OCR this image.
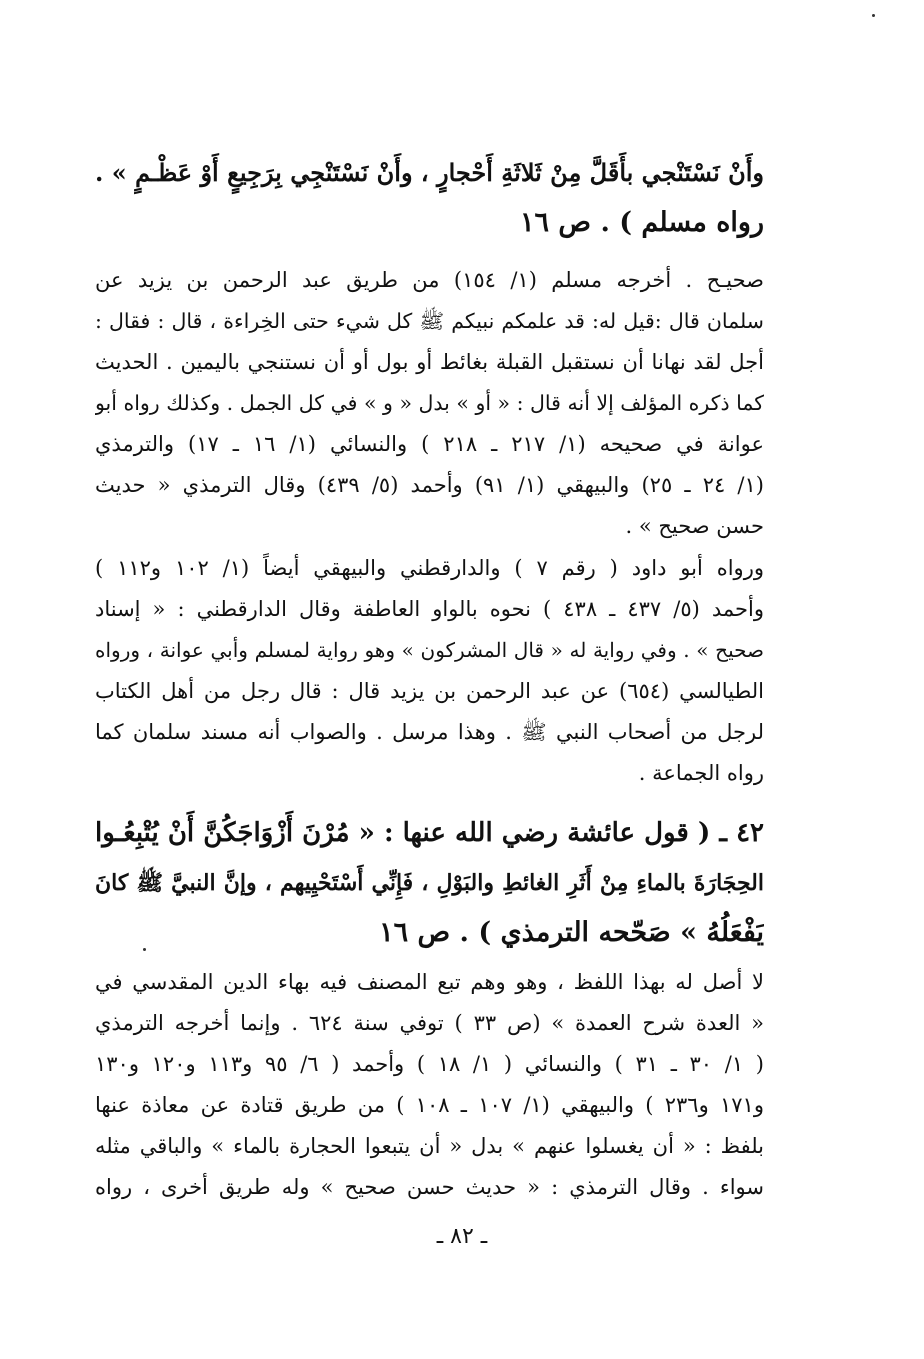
وأَنْ نَسْتَنْجي بأَقَلَّ مِنْ ثَلاثَةِ أَحْجارٍ ، وأَنْ نَسْتَنْجِي بِرَجِيعٍ أَوْ عَظْـمٍ » .
رواه مسلم ) . ص ١٦
صحيـح . أخرجه مسلم (١/ ١٥٤) من طريق عبد الرحمن بن يزيد عن
سلمان قال :قيل له: قد علمكم نبيكم ﷺ كل شيء حتى الخِراءة ، قال : فقال :
أجل لقد نهانا أن نستقبل القبلة بغائط أو بول أو أن نستنجي باليمين . الحديث
كما ذكره المؤلف إلا أنه قال : « أو » بدل « و » في كل الجمل . وكذلك رواه أبو
عوانة في صحيحه (١/ ٢١٧ ـ ٢١٨ ) والنسائي (١/ ١٦ ـ ١٧) والترمذي
(١/ ٢٤ ـ ٢٥) والبيهقي (١/ ٩١) وأحمد (٥/ ٤٣٩) وقال الترمذي « حديث
حسن صحيح » .
ورواه أبو داود ( رقم ٧ ) والدارقطني والبيهقي أيضاً (١/ ١٠٢ و١١٢ )
وأحمد (٥/ ٤٣٧ ـ ٤٣٨ ) نحوه بالواو العاطفة وقال الدارقطني : « إسناد
صحيح » . وفي رواية له « قال المشركون » وهو رواية لمسلم وأبي عوانة ، ورواه
الطيالسي (٦٥٤) عن عبد الرحمن بن يزيد قال : قال رجل من أهل الكتاب
لرجل من أصحاب النبي ﷺ . وهذا مرسل . والصواب أنه مسند سلمان كما
رواه الجماعة .
٤٢ ـ ( قول عائشة رضي الله عنها : « مُرْنَ أَزْوَاجَكُنَّ أَنْ يُتْبِعُـوا
الحِجَارَةَ بالماءِ مِنْ أَثَرِ الغائطِ والبَوْلِ ، فَإِنِّي أَسْتَحْيِيهم ، وإنَّ النبيَّ ﷺ كانَ
يَفْعَلُهُ » صَحّحه الترمذي ) . ص ١٦
لا أصل له بهذا اللفظ ، وهو وهم تبع المصنف فيه بهاء الدين المقدسي في
« العدة شرح العمدة » (ص ٣٣ ) توفي سنة ٦٢٤ . وإنما أخرجه الترمذي
( ١/ ٣٠ ـ ٣١ ) والنسائي ( ١/ ١٨ ) وأحمد ( ٦/ ٩٥ و١١٣ و١٢٠ و١٣٠
و١٧١ و٢٣٦ ) والبيهقي (١/ ١٠٧ ـ ١٠٨ ) من طريق قتادة عن معاذة عنها
بلفظ : « أن يغسلوا عنهم » بدل « أن يتبعوا الحجارة بالماء » والباقي مثله
سواء . وقال الترمذي : « حديث حسن صحيح » وله طريق أخرى ، رواه
ـ ٨٢ ـ
